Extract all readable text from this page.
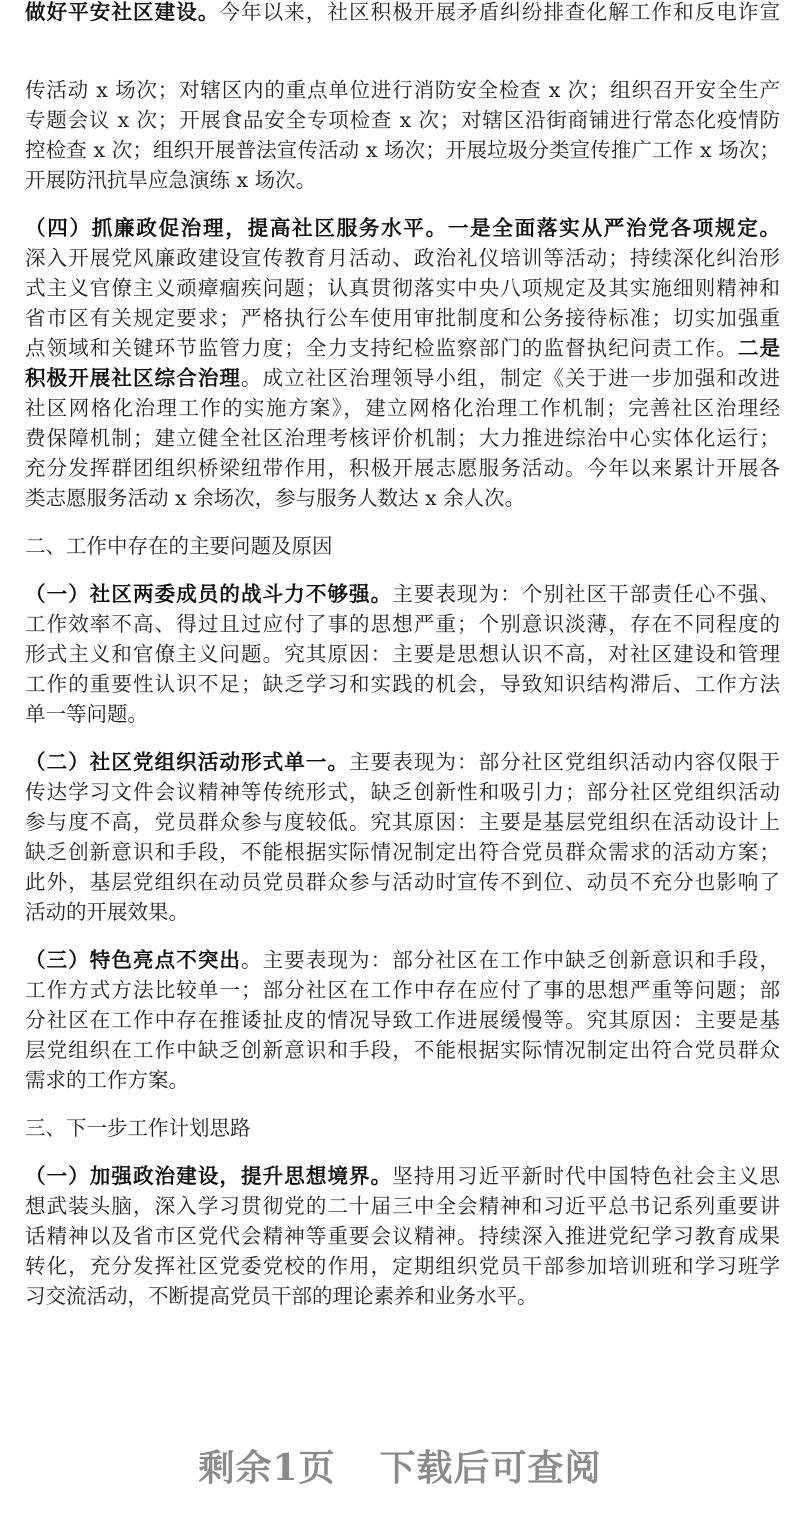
做好平安社区建设。今年以来，社区积极开展矛盾纠纷排查化解工作和反电诈宣
传活动 x 场次；对辖区内的重点单位进行消防安全检查 x 次；组织召开安全生产
专题会议 x 次；开展食品安全专项检查 x 次；对辖区沿街商铺进行常态化疫情防
控检查 x 次；组织开展普法宣传活动 x 场次；开展垃圾分类宣传推广工作 x 场次；
开展防汛抗旱应急演练 x 场次。
（四）抓廉政促治理，提高社区服务水平。一是全面落实从严治党各项规定。
深入开展党风廉政建设宣传教育月活动、政治礼仪培训等活动；持续深化纠治形
式主义官僚主义顽瘴痼疾问题；认真贯彻落实中央八项规定及其实施细则精神和
省市区有关规定要求；严格执行公车使用审批制度和公务接待标准；切实加强重
点领域和关键环节监管力度；全力支持纪检监察部门的监督执纪问责工作。二是
积极开展社区综合治理。成立社区治理领导小组，制定《关于进一步加强和改进
社区网格化治理工作的实施方案》，建立网格化治理工作机制；完善社区治理经
费保障机制；建立健全社区治理考核评价机制；大力推进综治中心实体化运行；
充分发挥群团组织桥梁纽带作用，积极开展志愿服务活动。今年以来累计开展各
类志愿服务活动 x 余场次，参与服务人数达 x 余人次。
二、工作中存在的主要问题及原因
（一）社区两委成员的战斗力不够强。主要表现为：个别社区干部责任心不强、
工作效率不高、得过且过应付了事的思想严重；个别意识淡薄，存在不同程度的
形式主义和官僚主义问题。究其原因：主要是思想认识不高，对社区建设和管理
工作的重要性认识不足；缺乏学习和实践的机会，导致知识结构滞后、工作方法
单一等问题。
（二）社区党组织活动形式单一。主要表现为：部分社区党组织活动内容仅限于
传达学习文件会议精神等传统形式，缺乏创新性和吸引力；部分社区党组织活动
参与度不高，党员群众参与度较低。究其原因：主要是基层党组织在活动设计上
缺乏创新意识和手段，不能根据实际情况制定出符合党员群众需求的活动方案；
此外，基层党组织在动员党员群众参与活动时宣传不到位、动员不充分也影响了
活动的开展效果。
（三）特色亮点不突出。主要表现为：部分社区在工作中缺乏创新意识和手段，
工作方式方法比较单一；部分社区在工作中存在应付了事的思想严重等问题；部
分社区在工作中存在推诿扯皮的情况导致工作进展缓慢等。究其原因：主要是基
层党组织在工作中缺乏创新意识和手段，不能根据实际情况制定出符合党员群众
需求的工作方案。
三、下一步工作计划思路
（一）加强政治建设，提升思想境界。坚持用习近平新时代中国特色社会主义思
想武装头脑，深入学习贯彻党的二十届三中全会精神和习近平总书记系列重要讲
话精神以及省市区党代会精神等重要会议精神。持续深入推进党纪学习教育成果
转化，充分发挥社区党委党校的作用，定期组织党员干部参加培训班和学习班学
习交流活动，不断提高党员干部的理论素养和业务水平。
剩余1页 下载后可查阅
